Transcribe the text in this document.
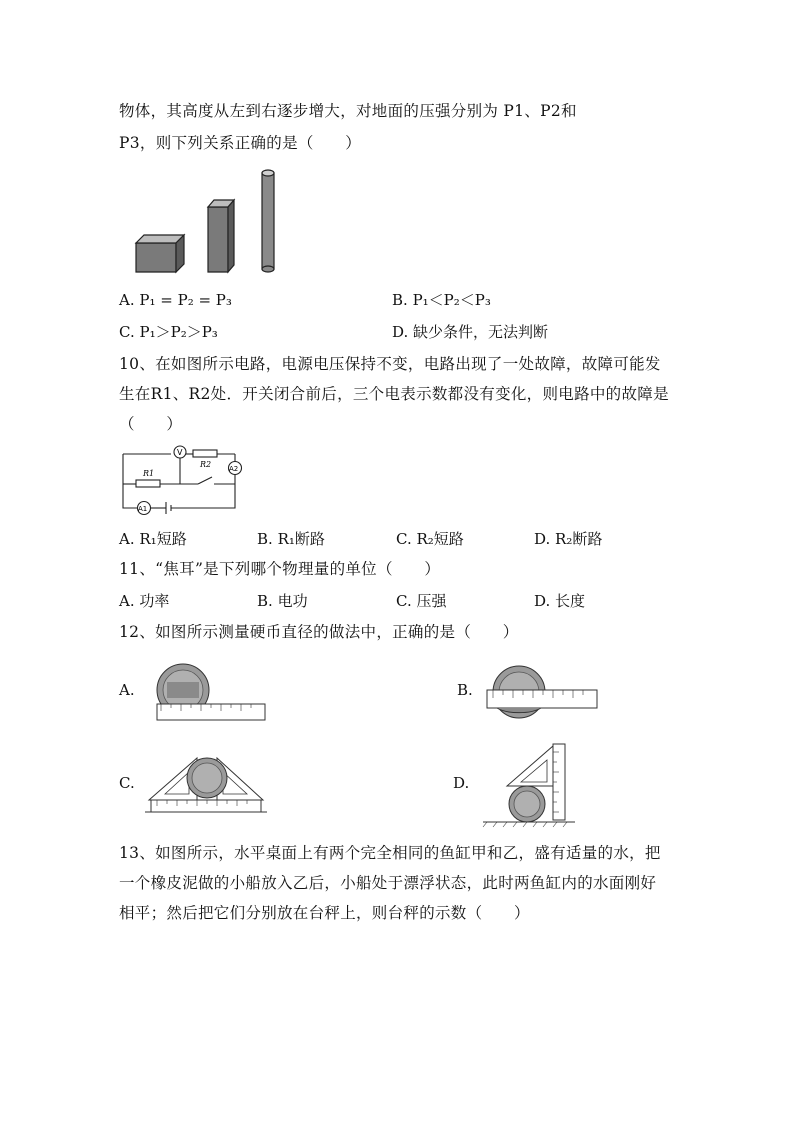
物体，其高度从左到右逐步增大，对地面的压强分别为 P1、P2和
P3，则下列关系正确的是（　　）
A. P₁ = P₂ = P₃	B. P₁＜P₂＜P₃
C. P₁＞P₂＞P₃	D. 缺少条件，无法判断
10、在如图所示电路，电源电压保持不变，电路出现了一处故障，故障可能发
生在R1、R2处．开关闭合前后，三个电表示数都没有变化，则电路中的故障是
（　　）
V
R1
R2	A2
A1
A. R₁短路	B. R₁断路	C. R₂短路	D. R₂断路
11、“焦耳”是下列哪个物理量的单位（　　）
A. 功率	B. 电功	C. 压强	D. 长度
12、如图所示测量硬币直径的做法中，正确的是（　　）
A.	B.
C.	D.
13、如图所示，水平桌面上有两个完全相同的鱼缸甲和乙，盛有适量的水，把
一个橡皮泥做的小船放入乙后，小船处于漂浮状态，此时两鱼缸内的水面刚好
相平；然后把它们分别放在台秤上，则台秤的示数（　　）
